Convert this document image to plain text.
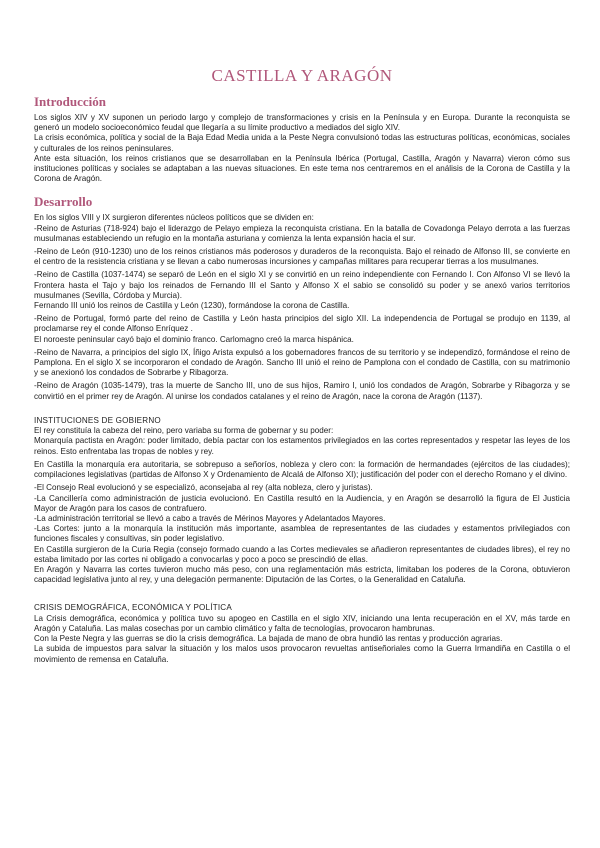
CASTILLA Y ARAGÓN
Introducción

Los siglos XIV y XV suponen un periodo largo y complejo de transformaciones y crisis en la Península y en Europa. Durante la reconquista se generó un modelo socioeconómico feudal que llegaría a su límite productivo a mediados del siglo XIV.

La crisis económica, política y social de la Baja Edad Media unida a la Peste Negra convulsionó todas las estructuras políticas, económicas, sociales y culturales de los reinos peninsulares.

Ante esta situación, los reinos cristianos que se desarrollaban en la Península Ibérica (Portugal, Castilla, Aragón y Navarra) vieron cómo sus instituciones políticas y sociales se adaptaban a las nuevas situaciones. En este tema nos centraremos en el análisis de la Corona de Castilla y la Corona de Aragón.

Desarrollo

En los siglos VIII y IX surgieron diferentes núcleos políticos que se dividen en:

-Reino de Asturias (718-924) bajo el liderazgo de Pelayo empieza la reconquista cristiana. En la batalla de Covadonga Pelayo derrota a las fuerzas musulmanas estableciendo un refugio en la montaña asturiana y comienza la lenta expansión hacia el sur.

-Reino de León (910-1230) uno de los reinos cristianos más poderosos y duraderos de la reconquista. Bajo el reinado de Alfonso III, se convierte en el centro de la resistencia cristiana y se llevan a cabo numerosas incursiones y campañas militares para recuperar tierras a los musulmanes.

-Reino de Castilla (1037-1474) se separó de León en el siglo XI y se convirtió en un reino independiente con Fernando I. Con Alfonso VI se llevó la Frontera hasta el Tajo y bajo los reinados de Fernando III el Santo y Alfonso X el sabio se consolidó su poder y se anexó varios territorios musulmanes (Sevilla, Córdoba y Murcia).

Fernando III unió los reinos de Castilla y León (1230), formándose la corona de Castilla.

-Reino de Portugal, formó parte del reino de Castilla y León hasta principios del siglo XII. La independencia de Portugal se produjo en 1139, al proclamarse rey el conde Alfonso Enríquez .

El noroeste peninsular cayó bajo el dominio franco. Carlomagno creó la marca hispánica.

-Reino de Navarra, a principios del siglo IX, Íñigo Arista expulsó a los gobernadores francos de su territorio y se independizó, formándose el reino de Pamplona. En el siglo X se incorporaron el condado de Aragón. Sancho III unió el reino de Pamplona con el condado de Castilla, con su matrimonio y se anexionó los condados de Sobrarbe y Ribagorza.

-Reino de Aragón (1035-1479), tras la muerte de Sancho III, uno de sus hijos, Ramiro I, unió los condados de Aragón, Sobrarbe y Ribagorza y se convirtió en el primer rey de Aragón. Al unirse los condados catalanes y el reino de Aragón, nace la corona de Aragón (1137).

INSTITUCIONES DE GOBIERNO

El rey constituía la cabeza del reino, pero variaba su forma de gobernar y su poder:

Monarquía pactista en Aragón: poder limitado, debía pactar con los estamentos privilegiados en las cortes representados y respetar las leyes de los reinos. Esto enfrentaba las tropas de nobles y rey.

En Castilla la monarquía era autoritaria, se sobrepuso a señoríos, nobleza y clero con: la formación de hermandades (ejércitos de las ciudades); compilaciones legislativas (partidas de Alfonso X y Ordenamiento de Alcalá de Alfonso XI); justificación del poder con el derecho Romano y el divino.

-El Consejo Real evolucionó y se especializó, aconsejaba al rey (alta nobleza, clero y juristas).

-La Cancillería como administración de justicia evolucionó. En Castilla resultó en la Audiencia, y en Aragón se desarrolló la figura de El Justicia Mayor de Aragón para los casos de contrafuero.

-La administración territorial se llevó a cabo a través de Mérinos Mayores y Adelantados Mayores.

-Las Cortes: junto a la monarquía la institución más importante, asamblea de representantes de las ciudades y estamentos privilegiados con funciones fiscales y consultivas, sin poder legislativo.

En Castilla surgieron de la Curia Regia (consejo formado cuando a las Cortes medievales se añadieron representantes de ciudades libres), el rey no estaba limitado por las cortes ni obligado a convocarlas y poco a poco se prescindió de ellas.

En Aragón y Navarra las cortes tuvieron mucho más peso, con una reglamentación más estricta, limitaban los poderes de la Corona, obtuvieron capacidad legislativa junto al rey, y una delegación permanente: Diputación de las Cortes, o la Generalidad en Cataluña.

CRISIS DEMOGRÁFICA, ECONÓMICA Y POLÍTICA

La Crisis demográfica, económica y política tuvo su apogeo en Castilla en el siglo XIV, iniciando una lenta recuperación en el XV, más tarde en Aragón y Cataluña. Las malas cosechas por un cambio climático y falta de tecnologías, provocaron hambrunas.

Con la Peste Negra y las guerras se dio la crisis demográfica. La bajada de mano de obra hundió las rentas y producción agrarias.

La subida de impuestos para salvar la situación y los malos usos provocaron revueltas antiseñoriales como la Guerra Irmandiña en Castilla o el movimiento de remensa en Cataluña.
